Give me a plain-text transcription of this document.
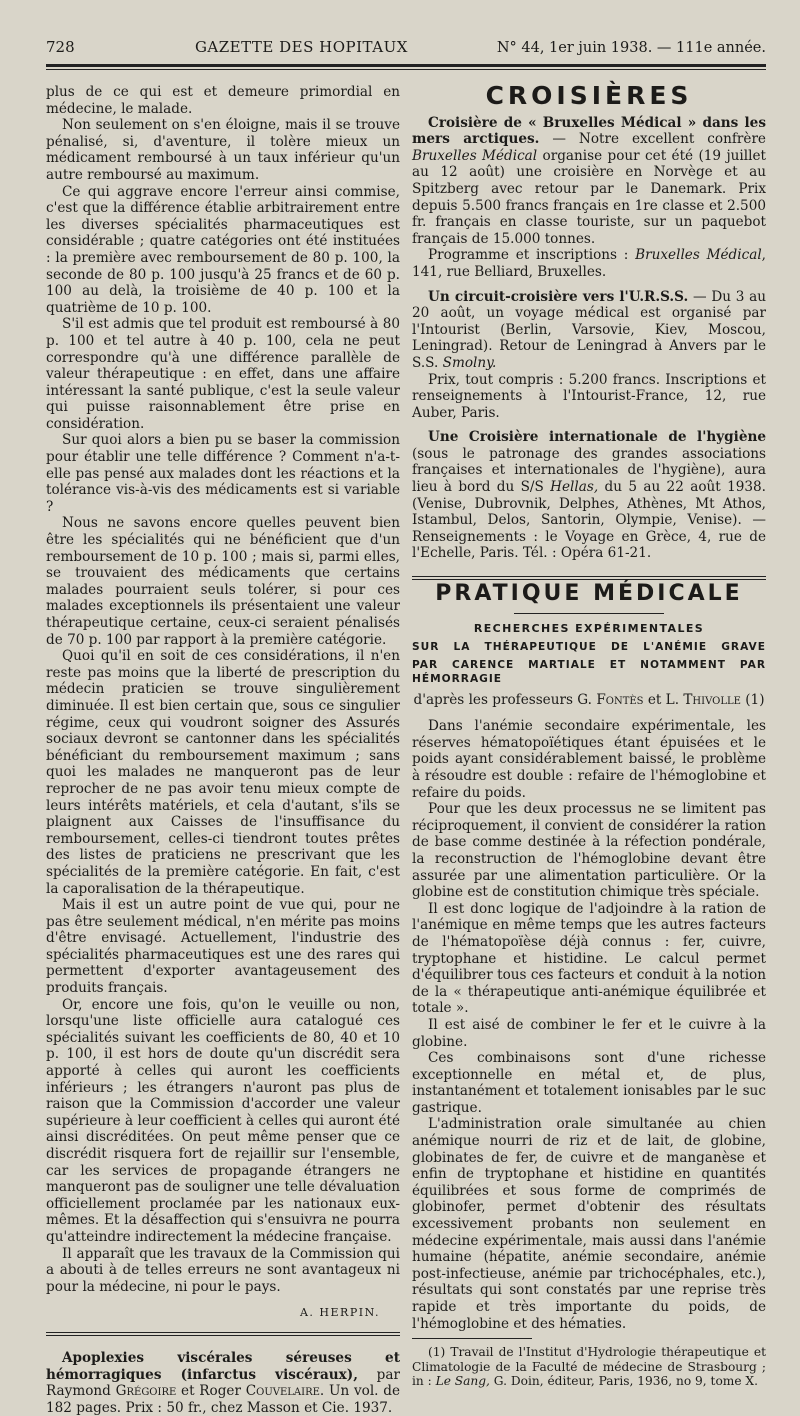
728	GAZETTE DES HOPITAUX	N° 44, 1er juin 1938. — 111e année.

plus de ce qui est et demeure primordial en médecine, le malade.

Non seulement on s'en éloigne, mais il se trouve pénalisé, si, d'aventure, il tolère mieux un médicament remboursé à un taux inférieur qu'un autre remboursé au maximum.

Ce qui aggrave encore l'erreur ainsi commise, c'est que la différence établie arbitrairement entre les diverses spécialités pharmaceutiques est considérable ; quatre catégories ont été instituées : la première avec remboursement de 80 p. 100, la seconde de 80 p. 100 jusqu'à 25 francs et de 60 p. 100 au delà, la troisième de 40 p. 100 et la quatrième de 10 p. 100.

S'il est admis que tel produit est remboursé à 80 p. 100 et tel autre à 40 p. 100, cela ne peut correspondre qu'à une différence parallèle de valeur thérapeutique : en effet, dans une affaire intéressant la santé publique, c'est la seule valeur qui puisse raisonnablement être prise en considération.

Sur quoi alors a bien pu se baser la commission pour établir une telle différence ? Comment n'a-t-elle pas pensé aux malades dont les réactions et la tolérance vis-à-vis des médicaments est si variable ?

Nous ne savons encore quelles peuvent bien être les spécialités qui ne bénéficient que d'un remboursement de 10 p. 100 ; mais si, parmi elles, se trouvaient des médicaments que certains malades pourraient seuls tolérer, si pour ces malades exceptionnels ils présentaient une valeur thérapeutique certaine, ceux-ci seraient pénalisés de 70 p. 100 par rapport à la première catégorie.

Quoi qu'il en soit de ces considérations, il n'en reste pas moins que la liberté de prescription du médecin praticien se trouve singulièrement diminuée. Il est bien certain que, sous ce singulier régime, ceux qui voudront soigner des Assurés sociaux devront se cantonner dans les spécialités bénéficiant du remboursement maximum ; sans quoi les malades ne manqueront pas de leur reprocher de ne pas avoir tenu mieux compte de leurs intérêts matériels, et cela d'autant, s'ils se plaignent aux Caisses de l'insuffisance du remboursement, celles-ci tiendront toutes prêtes des listes de praticiens ne prescrivant que les spécialités de la première catégorie. En fait, c'est la caporalisation de la thérapeutique.

Mais il est un autre point de vue qui, pour ne pas être seulement médical, n'en mérite pas moins d'être envisagé. Actuellement, l'industrie des spécialités pharmaceutiques est une des rares qui permettent d'exporter avantageusement des produits français.

Or, encore une fois, qu'on le veuille ou non, lorsqu'une liste officielle aura catalogué ces spécialités suivant les coefficients de 80, 40 et 10 p. 100, il est hors de doute qu'un discrédit sera apporté à celles qui auront les coefficients inférieurs ; les étrangers n'auront pas plus de raison que la Commission d'accorder une valeur supérieure à leur coefficient à celles qui auront été ainsi discréditées. On peut même penser que ce discrédit risquera fort de rejaillir sur l'ensemble, car les services de propagande étrangers ne manqueront pas de souligner une telle dévaluation officiellement proclamée par les nationaux eux-mêmes. Et la désaffection qui s'ensuivra ne pourra qu'atteindre indirectement la médecine française.

Il apparaît que les travaux de la Commission qui a abouti à de telles erreurs ne sont avantageux ni pour la médecine, ni pour le pays.

A. HERPIN.

Apoplexies viscérales séreuses et hémorragiques (infarctus viscéraux), par Raymond Grégoire et Roger Couvelaire. Un vol. de 182 pages. Prix : 50 fr., chez Masson et Cie. 1937.

CROISIÈRES

Croisière de « Bruxelles Médical » dans les mers arctiques. — Notre excellent confrère Bruxelles Médical organise pour cet été (19 juillet au 12 août) une croisière en Norvège et au Spitzberg avec retour par le Danemark. Prix depuis 5.500 francs français en 1re classe et 2.500 fr. français en classe touriste, sur un paquebot français de 15.000 tonnes.

Programme et inscriptions : Bruxelles Médical, 141, rue Belliard, Bruxelles.

Un circuit-croisière vers l'U.R.S.S. — Du 3 au 20 août, un voyage médical est organisé par l'Intourist (Berlin, Varsovie, Kiev, Moscou, Leningrad). Retour de Leningrad à Anvers par le S.S. Smolny.

Prix, tout compris : 5.200 francs. Inscriptions et renseignements à l'Intourist-France, 12, rue Auber, Paris.

Une Croisière internationale de l'hygiène (sous le patronage des grandes associations françaises et internationales de l'hygiène), aura lieu à bord du S/S Hellas, du 5 au 22 août 1938. (Venise, Dubrovnik, Delphes, Athènes, Mt Athos, Istambul, Delos, Santorin, Olympie, Venise). — Renseignements : le Voyage en Grèce, 4, rue de l'Echelle, Paris. Tél. : Opéra 61-21.

PRATIQUE MÉDICALE
RECHERCHES EXPÉRIMENTALES
SUR LA THÉRAPEUTIQUE DE L'ANÉMIE GRAVE
PAR CARENCE MARTIALE ET NOTAMMENT PAR HÉMORRAGIE
d'après les professeurs G. Fontès et L. Thivolle (1)

Dans l'anémie secondaire expérimentale, les réserves hématopoïétiques étant épuisées et le poids ayant considérablement baissé, le problème à résoudre est double : refaire de l'hémoglobine et refaire du poids.

Pour que les deux processus ne se limitent pas réciproquement, il convient de considérer la ration de base comme destinée à la réfection pondérale, la reconstruction de l'hémoglobine devant être assurée par une alimentation particulière. Or la globine est de constitution chimique très spéciale.

Il est donc logique de l'adjoindre à la ration de l'anémique en même temps que les autres facteurs de l'hématopoïèse déjà connus : fer, cuivre, tryptophane et histidine. Le calcul permet d'équilibrer tous ces facteurs et conduit à la notion de la « thérapeutique anti-anémique équilibrée et totale ».

Il est aisé de combiner le fer et le cuivre à la globine.

Ces combinaisons sont d'une richesse exceptionnelle en métal et, de plus, instantanément et totalement ionisables par le suc gastrique.

L'administration orale simultanée au chien anémique nourri de riz et de lait, de globine, globinates de fer, de cuivre et de manganèse et enfin de tryptophane et histidine en quantités équilibrées et sous forme de comprimés de globinofer, permet d'obtenir des résultats excessivement probants non seulement en médecine expérimentale, mais aussi dans l'anémie humaine (hépatite, anémie secondaire, anémie post-infectieuse, anémie par trichocéphales, etc.), résultats qui sont constatés par une reprise très rapide et très importante du poids, de l'hémoglobine et des hématies.

(1) Travail de l'Institut d'Hydrologie thérapeutique et Climatologie de la Faculté de médecine de Strasbourg ; in : Le Sang, G. Doin, éditeur, Paris, 1936, no 9, tome X.
